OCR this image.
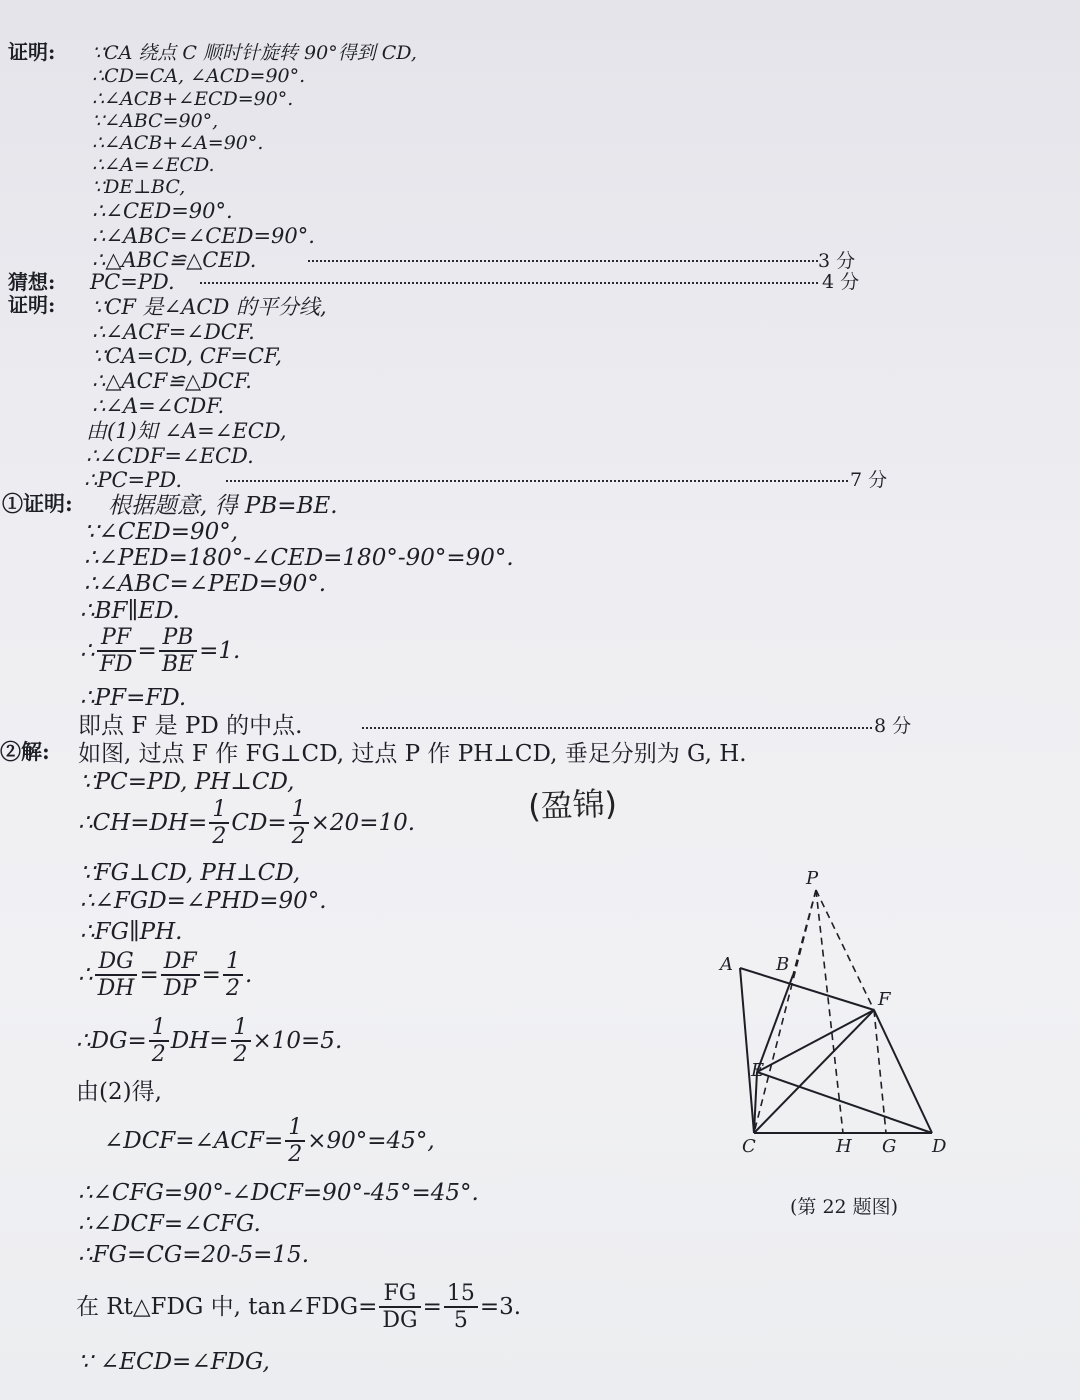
证明: ∵CA 绕点 C 顺时针旋转 90°得到 CD,
∴CD=CA, ∠ACD=90°.
∴∠ACB+∠ECD=90°.
∵∠ABC=90°,
∴∠ACB+∠A=90°.
∴∠A=∠ECD.
∵DE⊥BC,
∴∠CED=90°.
∴∠ABC=∠CED=90°.
∴△ABC≌△CED.	3 分
猜想: PC=PD.	4 分
证明: ∵CF 是∠ACD 的平分线,
∴∠ACF=∠DCF.
∵CA=CD, CF=CF,
∴△ACF≌△DCF.
∴∠A=∠CDF.
由(1)知 ∠A=∠ECD,
∴∠CDF=∠ECD.
∴PC=PD.	7 分
①证明: 根据题意, 得 PB=BE.
∵∠CED=90°,
∴∠PED=180°-∠CED=180°-90°=90°.
∴∠ABC=∠PED=90°.
∴BF∥ED.
∴ $\frac{PF}{FD} = \frac{PB}{BE} =1$.
∴PF=FD.
即点 F 是 PD 的中点.	8 分
②解: 如图, 过点 F 作 FG⊥CD, 过点 P 作 PH⊥CD, 垂足分别为 G, H.
∵PC=PD, PH⊥CD,
∴CH=DH= $\frac{1}{2} CD= \frac{1}{2} \times 20=10$.
∵FG⊥CD, PH⊥CD,
∴∠FGD=∠PHD=90°.
∴FG∥PH.
∴ $\frac{DG}{DH} = \frac{DF}{DP} = \frac{1}{2}$ .
∴DG= $\frac{1}{2} DH= \frac{1}{2} \times 10=5$.
由(2)得,
∠DCF=∠ACF= $\frac{1}{2} \times 90^\circ=45^\circ$,
∴∠CFG=90°-∠DCF=90°-45°=45°.
∴∠DCF=∠CFG.
∴FG=CG=20-5=15.
在 Rt△FDG 中, tan∠FDG= $\frac{FG}{DG} = \frac{15}{5} =3$.
∵ ∠ECD=∠FDG,
(盈锦)
P
A B
F
E
C	H G D
(第 22 题图)
